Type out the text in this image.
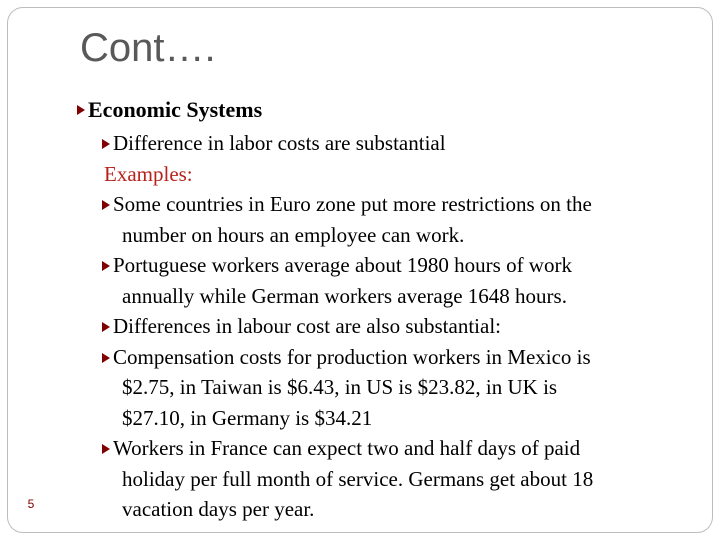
Cont….
Economic Systems
Difference in labor costs are substantial
Examples:
Some countries in Euro zone put more restrictions on the
number on hours an employee can work.
Portuguese workers average about 1980 hours of work
annually while German workers average 1648 hours.
Differences in labour cost are also substantial:
Compensation costs for production workers in Mexico is
$2.75, in Taiwan is $6.43, in US is $23.82, in UK is
$27.10, in Germany is $34.21
Workers in France can expect two and half days of paid
holiday per full month of service. Germans get about 18
vacation days per year.
5
